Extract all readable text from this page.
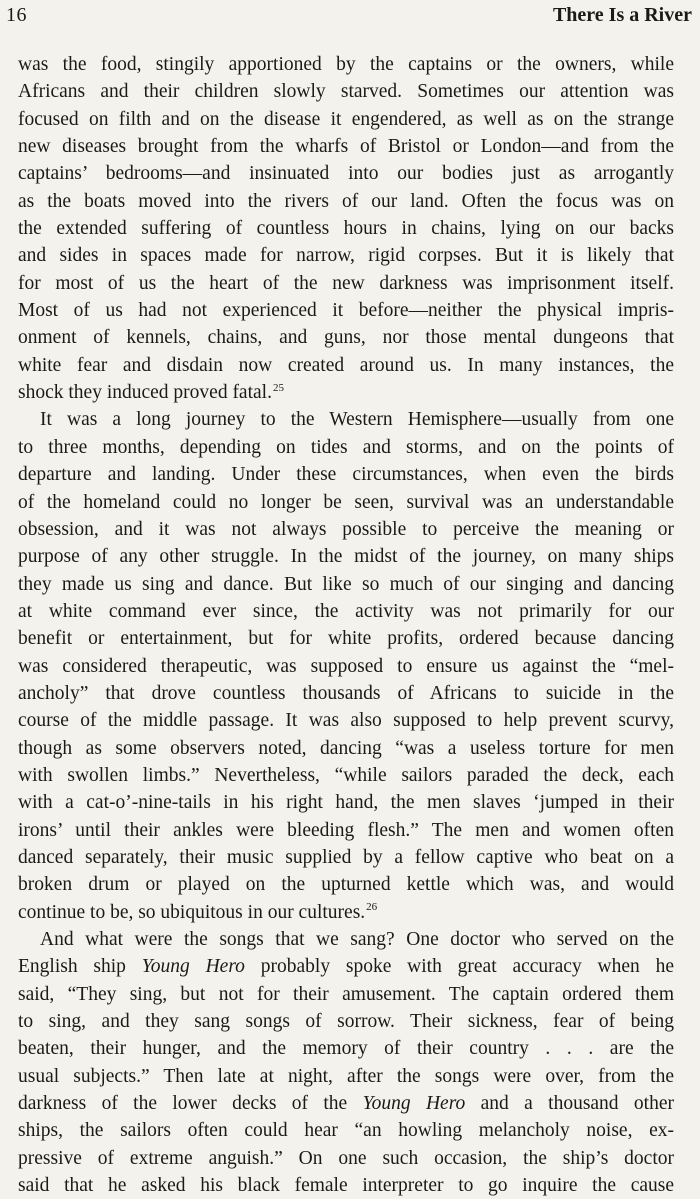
16	There Is a River
was the food, stingily apportioned by the captains or the owners, while
Africans and their children slowly starved. Sometimes our attention was
focused on filth and on the disease it engendered, as well as on the strange
new diseases brought from the wharfs of Bristol or London—and from the
captains’ bedrooms—and insinuated into our bodies just as arrogantly
as the boats moved into the rivers of our land. Often the focus was on
the extended suffering of countless hours in chains, lying on our backs
and sides in spaces made for narrow, rigid corpses. But it is likely that
for most of us the heart of the new darkness was imprisonment itself.
Most of us had not experienced it before—neither the physical impris-
onment of kennels, chains, and guns, nor those mental dungeons that
white fear and disdain now created around us. In many instances, the
shock they induced proved fatal.$^{25}$
It was a long journey to the Western Hemisphere—usually from one
to three months, depending on tides and storms, and on the points of
departure and landing. Under these circumstances, when even the birds
of the homeland could no longer be seen, survival was an understandable
obsession, and it was not always possible to perceive the meaning or
purpose of any other struggle. In the midst of the journey, on many ships
they made us sing and dance. But like so much of our singing and dancing
at white command ever since, the activity was not primarily for our
benefit or entertainment, but for white profits, ordered because dancing
was considered therapeutic, was supposed to ensure us against the “mel-
ancholy” that drove countless thousands of Africans to suicide in the
course of the middle passage. It was also supposed to help prevent scurvy,
though as some observers noted, dancing “was a useless torture for men
with swollen limbs.” Nevertheless, “while sailors paraded the deck, each
with a cat-o’-nine-tails in his right hand, the men slaves ‘jumped in their
irons’ until their ankles were bleeding flesh.” The men and women often
danced separately, their music supplied by a fellow captive who beat on a
broken drum or played on the upturned kettle which was, and would
continue to be, so ubiquitous in our cultures.$^{26}$
And what were the songs that we sang? One doctor who served on the
English ship Young Hero probably spoke with great accuracy when he
said, “They sing, but not for their amusement. The captain ordered them
to sing, and they sang songs of sorrow. Their sickness, fear of being
beaten, their hunger, and the memory of their country . . . are the
usual subjects.” Then late at night, after the songs were over, from the
darkness of the lower decks of the Young Hero and a thousand other
ships, the sailors often could hear “an howling melancholy noise, ex-
pressive of extreme anguish.” On one such occasion, the ship’s doctor
said that he asked his black female interpreter to go inquire the cause
